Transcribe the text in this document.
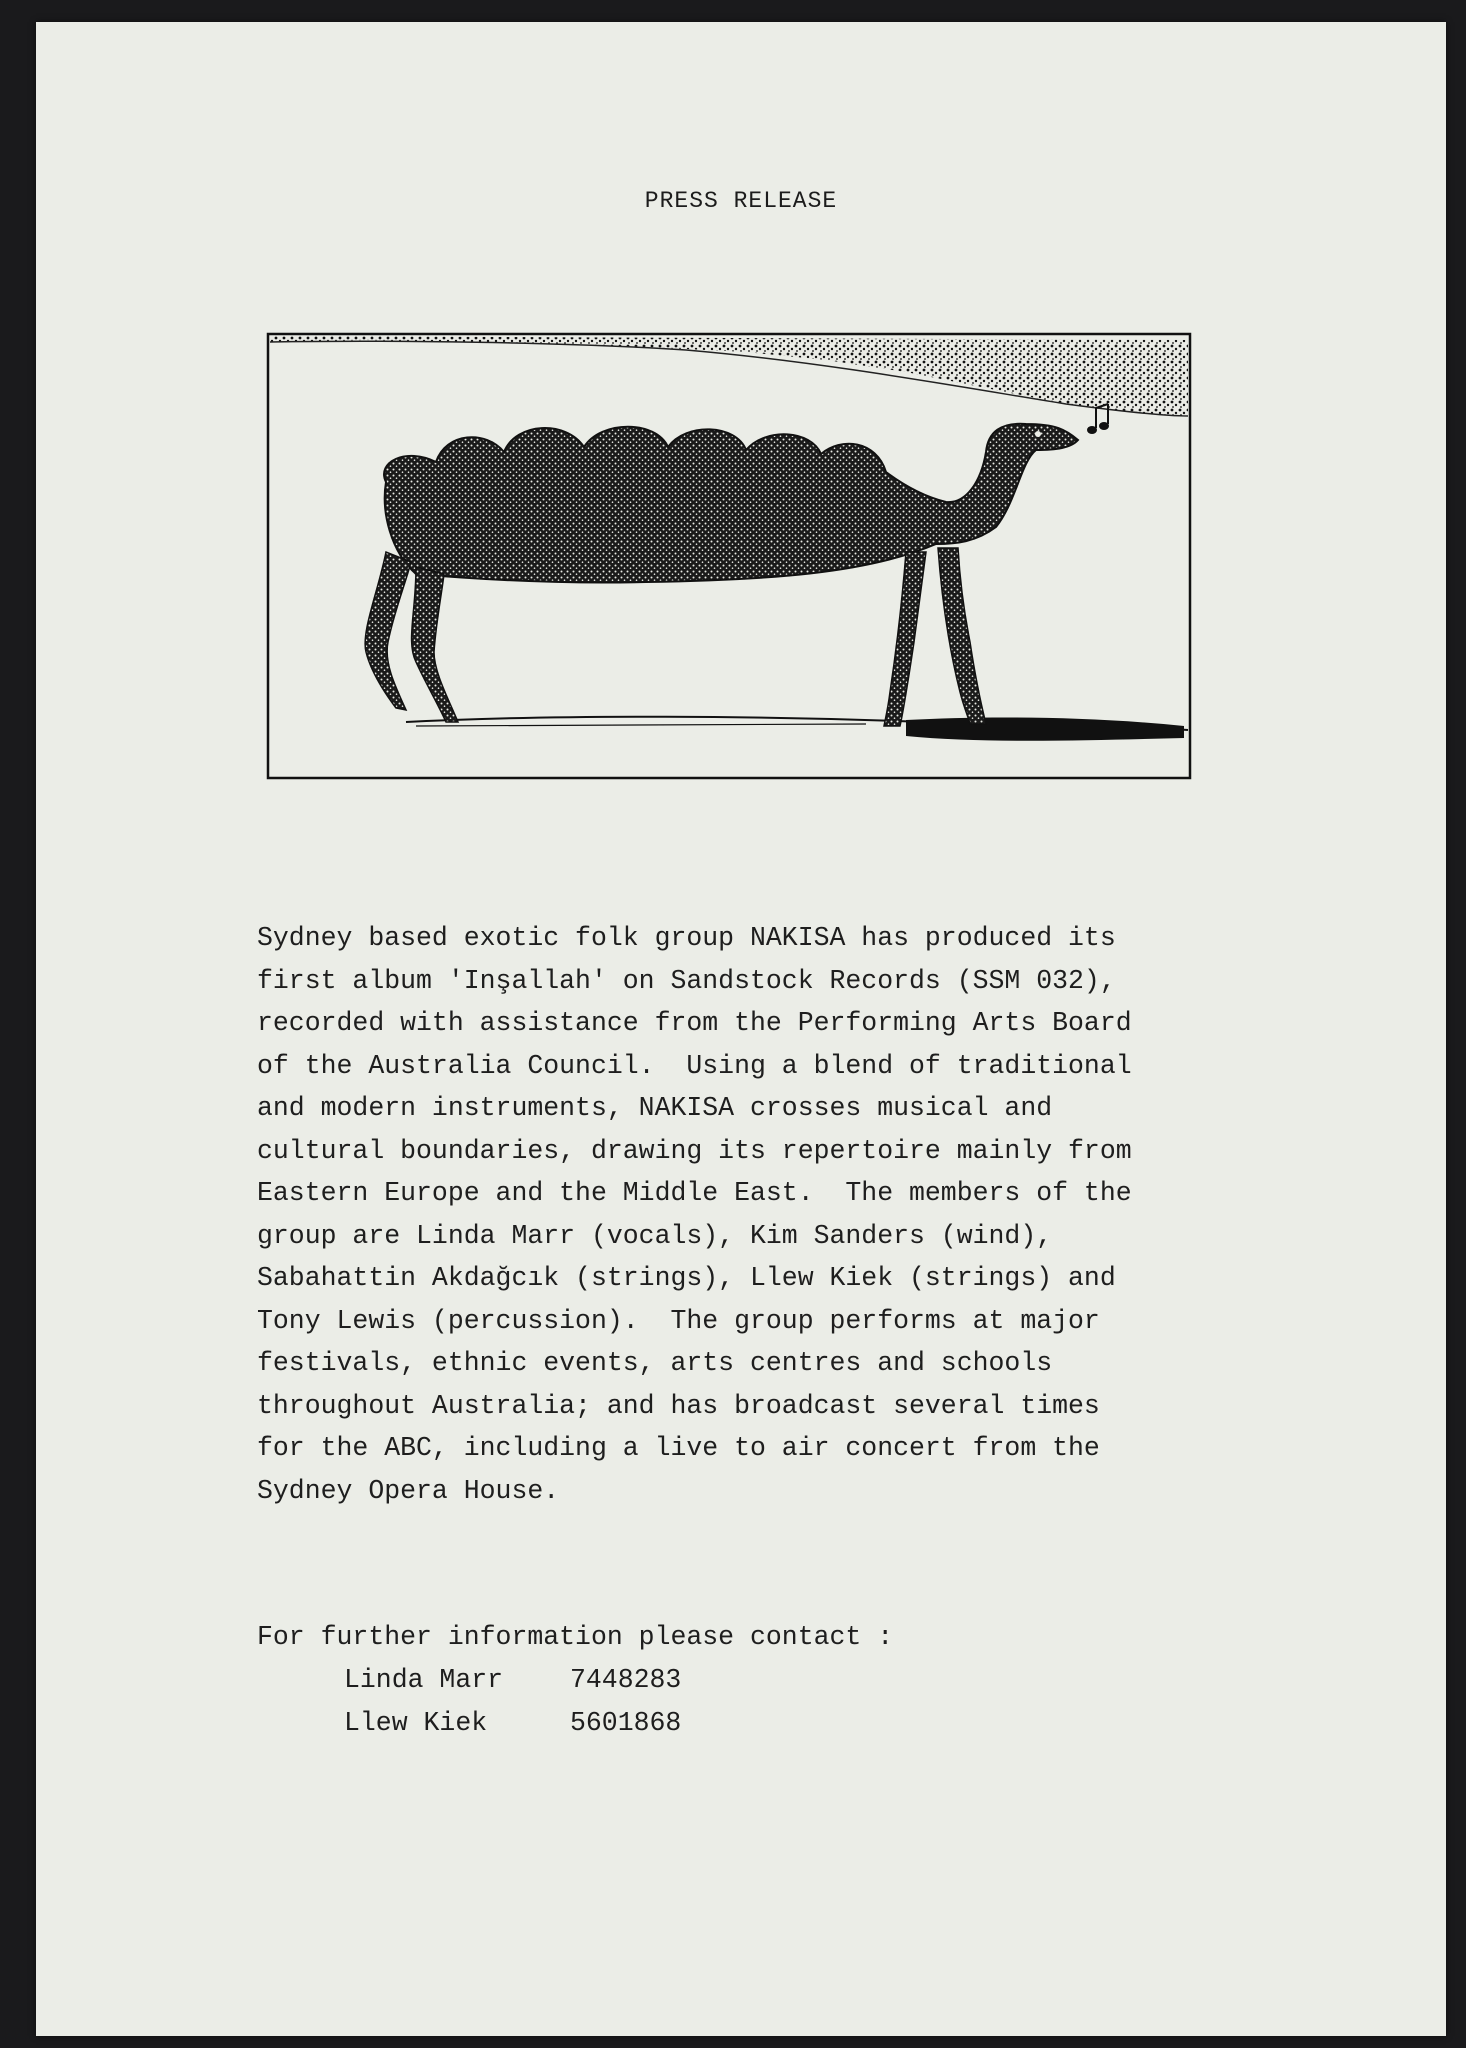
PRESS RELEASE
Sydney based exotic folk group NAKISA has produced its
first album 'Inşallah' on Sandstock Records (SSM 032),
recorded with assistance from the Performing Arts Board
of the Australia Council.  Using a blend of traditional
and modern instruments, NAKISA crosses musical and
cultural boundaries, drawing its repertoire mainly from
Eastern Europe and the Middle East.  The members of the
group are Linda Marr (vocals), Kim Sanders (wind),
Sabahattin Akdağcık (strings), Llew Kiek (strings) and
Tony Lewis (percussion).  The group performs at major
festivals, ethnic events, arts centres and schools
throughout Australia; and has broadcast several times
for the ABC, including a live to air concert from the
Sydney Opera House.
For further information please contact :
Linda Marr	7448283
Llew Kiek	5601868
